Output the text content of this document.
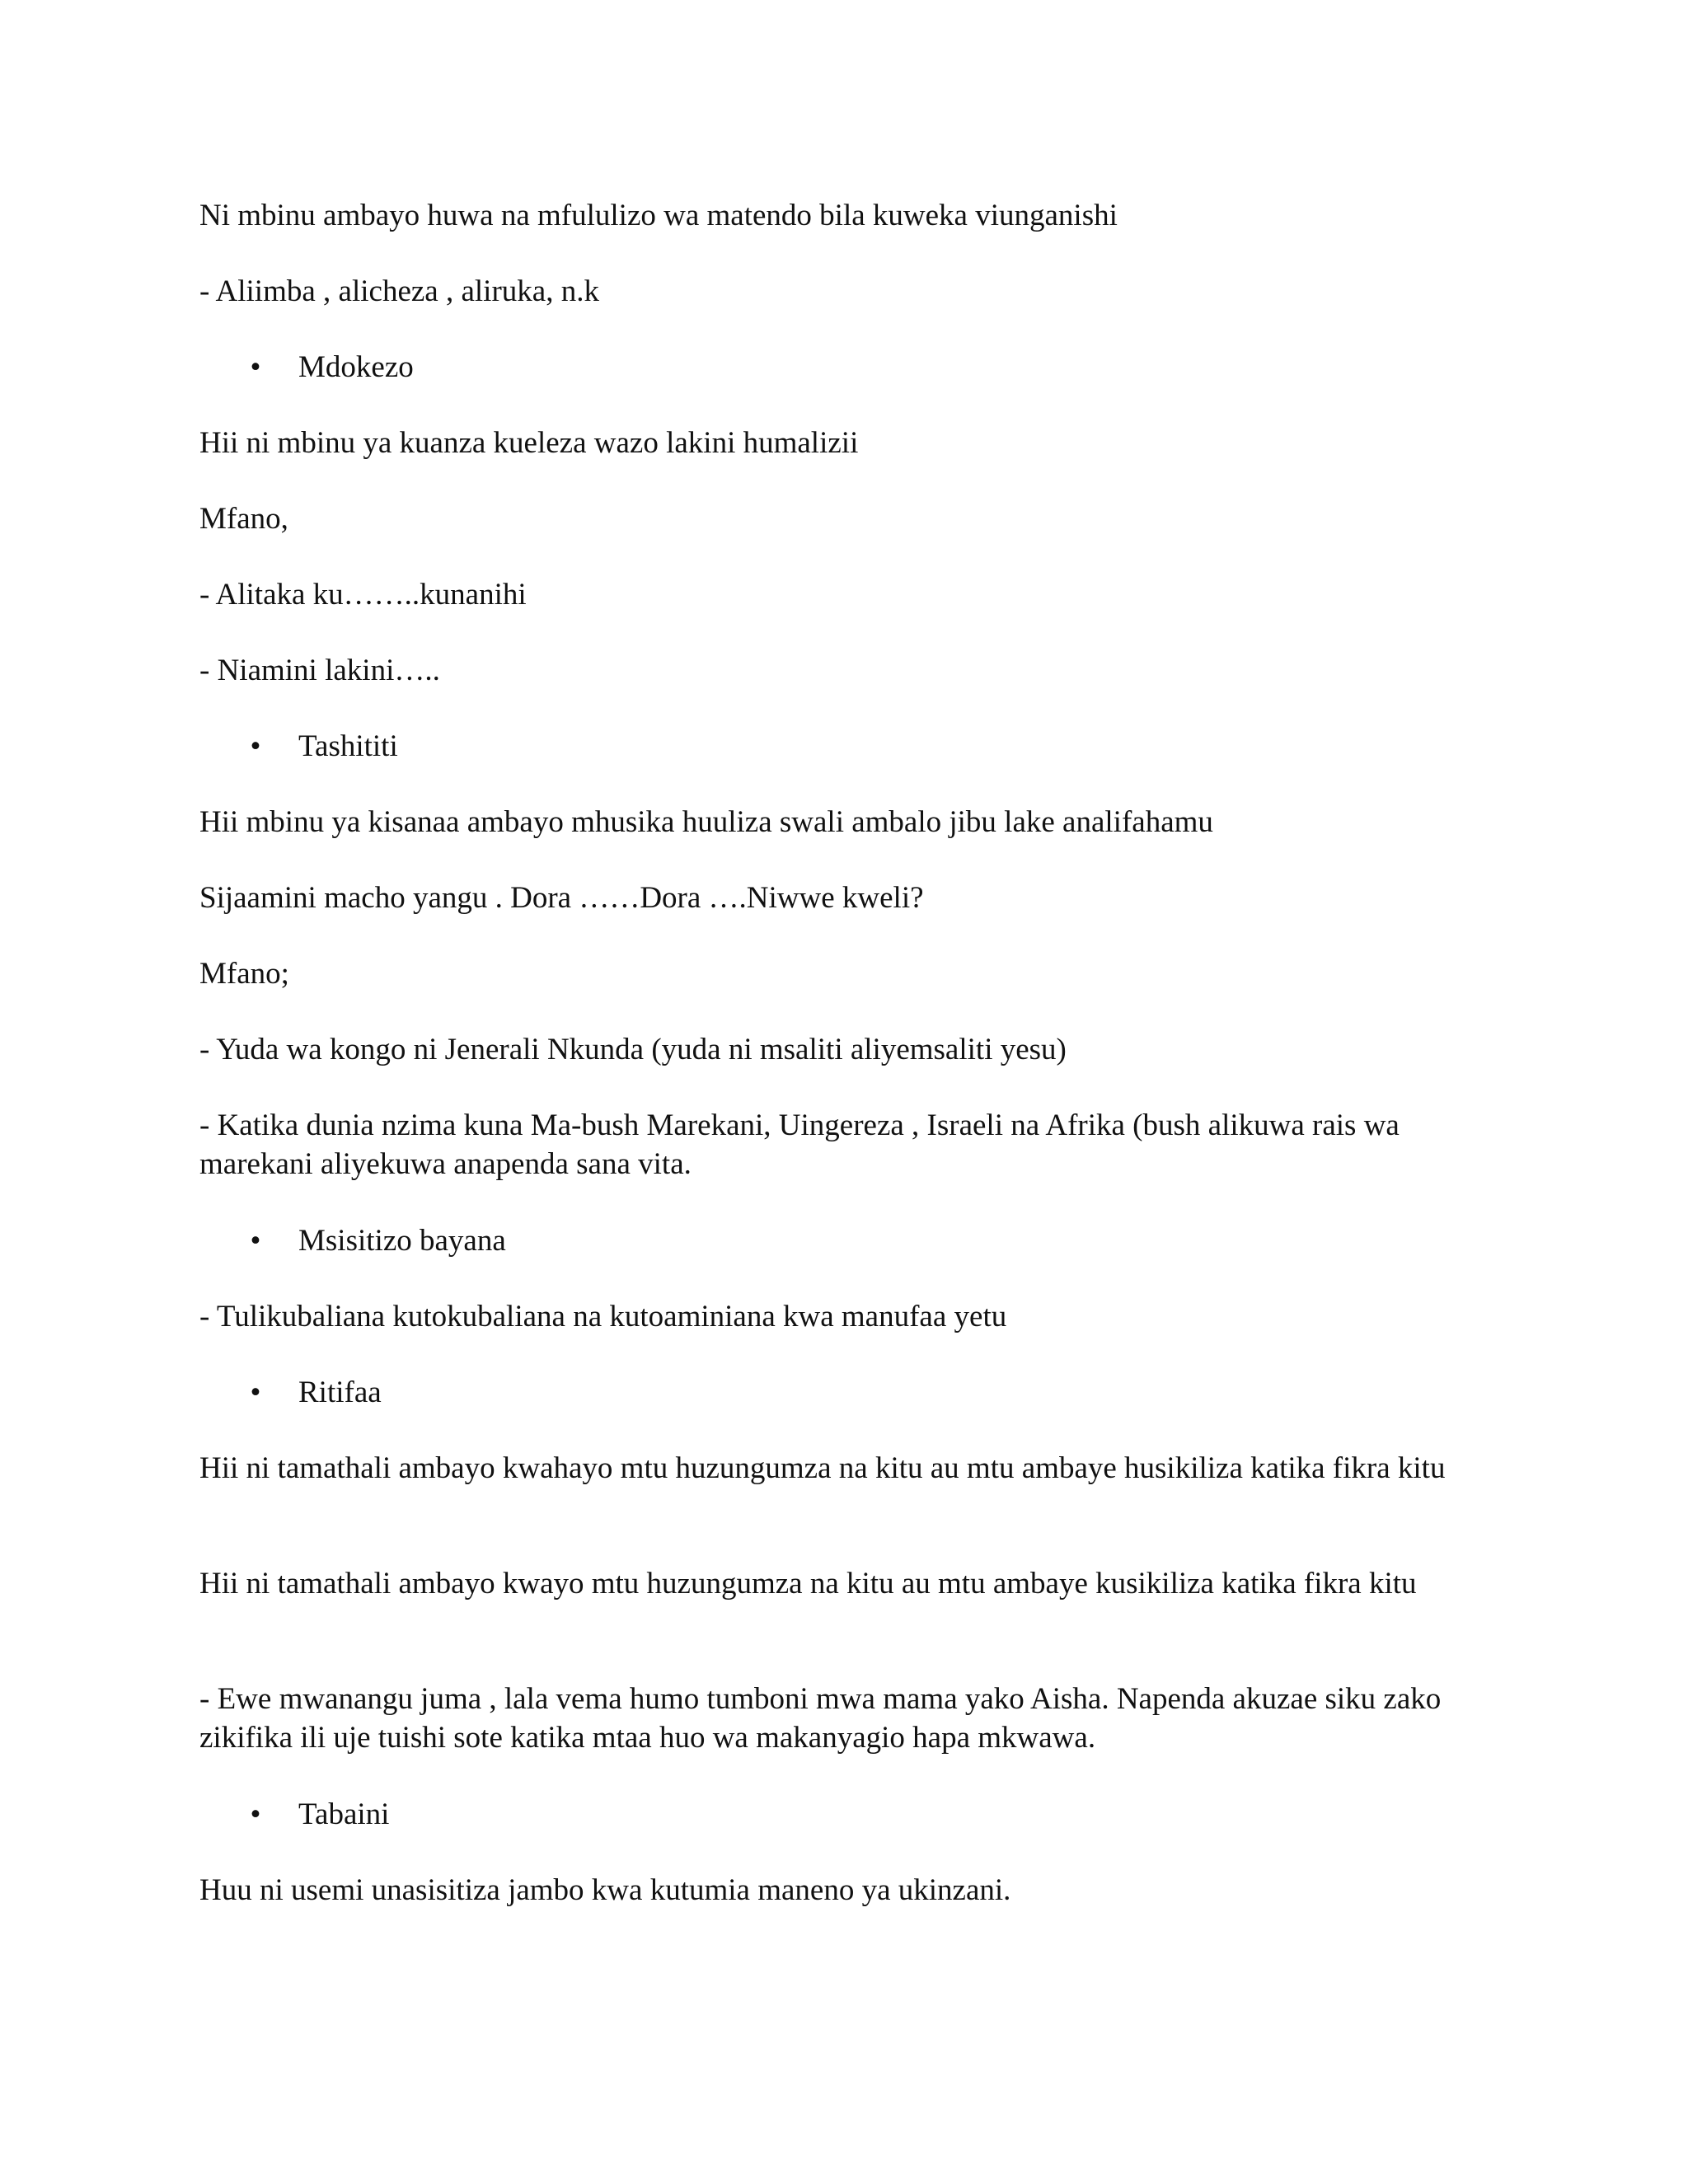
Ni mbinu ambayo huwa na mfululizo wa matendo bila kuweka viunganishi

- Aliimba , alicheza , aliruka, n.k

• Mdokezo

Hii ni mbinu ya kuanza kueleza wazo lakini humalizii

Mfano,

- Alitaka ku……..kunanihi

- Niamini lakini…..

• Tashititi

Hii mbinu ya kisanaa ambayo mhusika huuliza swali ambalo jibu lake analifahamu

Sijaamini macho yangu . Dora ……Dora ….Niwwe kweli?

Mfano;

- Yuda wa kongo ni Jenerali Nkunda (yuda ni msaliti aliyemsaliti yesu)

- Katika dunia nzima kuna Ma-bush Marekani, Uingereza , Israeli na Afrika (bush alikuwa rais wa marekani aliyekuwa anapenda sana vita.

• Msisitizo bayana

- Tulikubaliana kutokubaliana na kutoaminiana kwa manufaa yetu

• Ritifaa

Hii ni tamathali ambayo kwahayo mtu huzungumza na kitu au mtu ambaye husikiliza katika fikra kitu

Hii ni tamathali ambayo kwayo mtu huzungumza na kitu au mtu ambaye kusikiliza katika fikra kitu

- Ewe mwanangu juma , lala vema humo tumboni mwa mama yako Aisha. Napenda akuzae siku zako zikifika ili uje tuishi sote katika mtaa huo wa makanyagio hapa mkwawa.

• Tabaini

Huu ni usemi unasisitiza jambo kwa kutumia maneno ya ukinzani.
